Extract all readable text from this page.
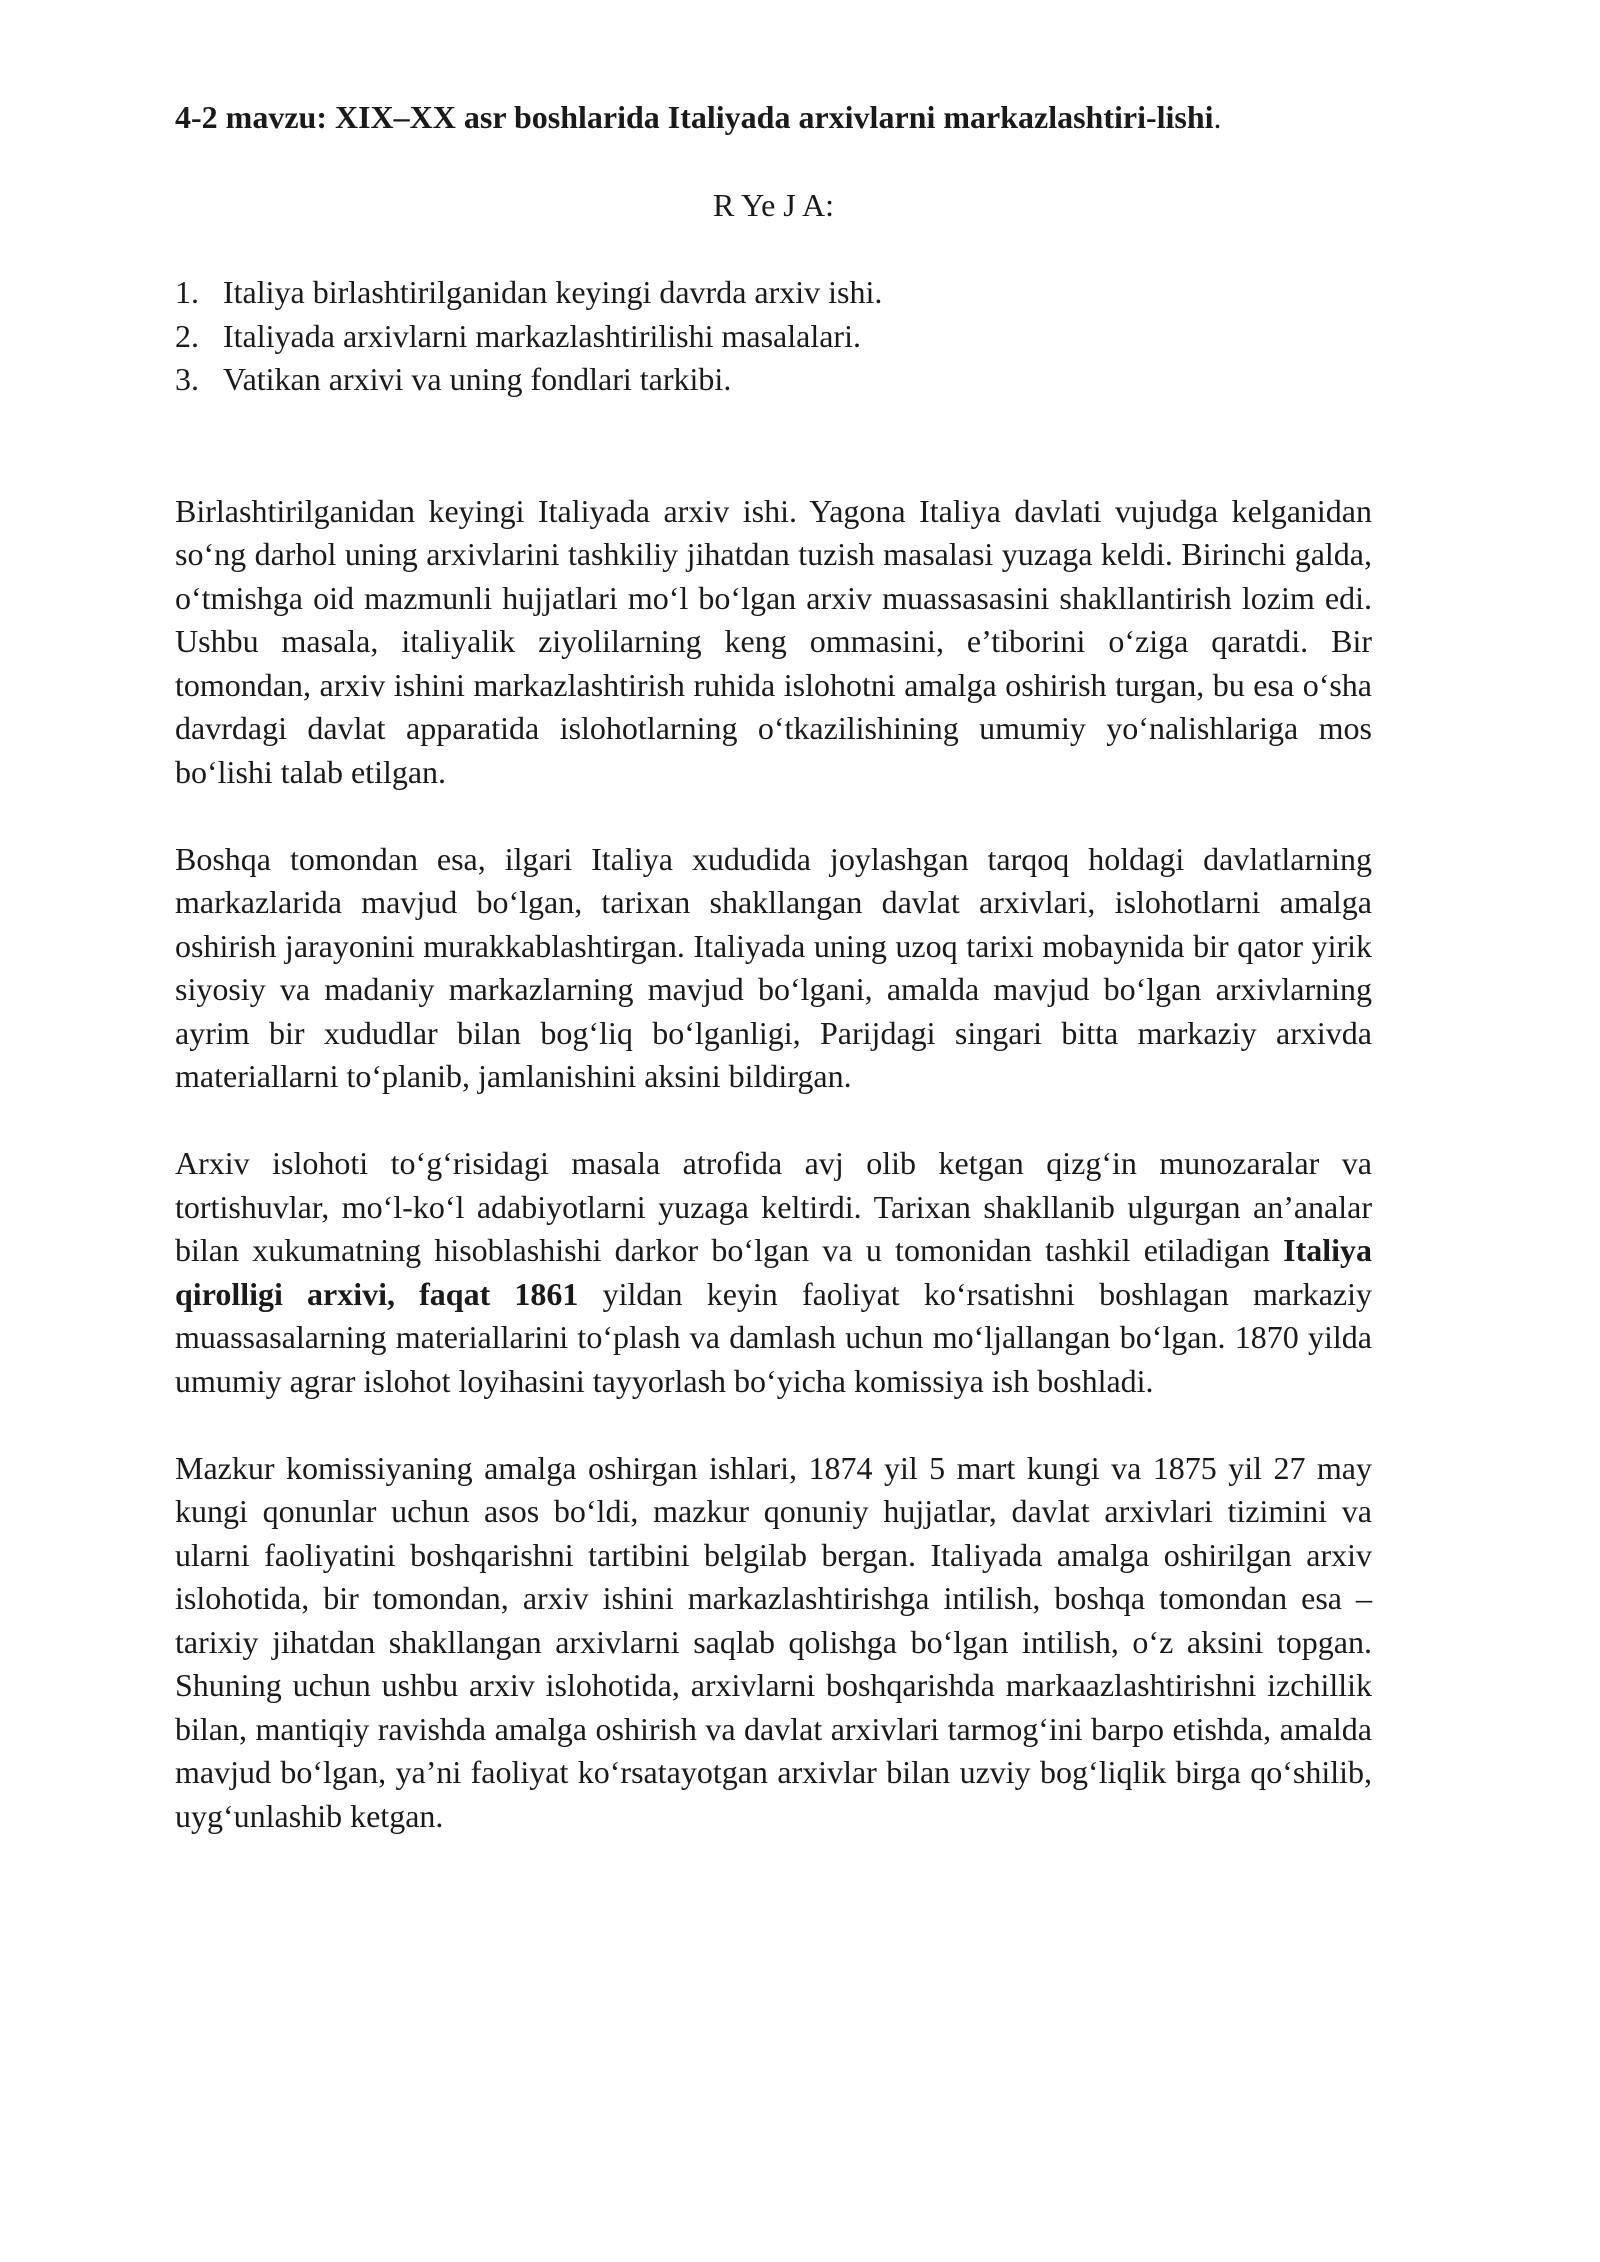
4-2 mavzu: XIX–XX asr boshlarida Italiyada arxivlarni markazlashtiri-lishi.

R Ye J A:
1. Italiya birlashtirilganidan keyingi davrda arxiv ishi.
2. Italiyada arxivlarni markazlashtirilishi masalalari.
3. Vatikan arxivi va uning fondlari tarkibi.

Birlashtirilganidan keyingi Italiyada arxiv ishi. Yagona Italiya davlati vujudga kelganidan so‘ng darhol uning arxivlarini tashkiliy jihatdan tuzish masalasi yuzaga keldi. Birinchi galda, o‘tmishga oid mazmunli hujjatlari mo‘l bo‘lgan arxiv muassasasini shakllantirish lozim edi. Ushbu masala, italiyalik ziyolilarning keng ommasini, e’tiborini o‘ziga qaratdi. Bir tomondan, arxiv ishini markazlashtirish ruhida islohotni amalga oshirish turgan, bu esa o‘sha davrdagi davlat apparatida islohotlarning o‘tkazilishining umumiy yo‘nalishlariga mos bo‘lishi talab etilgan.

Boshqa tomondan esa, ilgari Italiya xududida joylashgan tarqoq holdagi davlatlarning markazlarida mavjud bo‘lgan, tarixan shakllangan davlat arxivlari, islohotlarni amalga oshirish jarayonini murakkablashtirgan. Italiyada uning uzoq tarixi mobaynida bir qator yirik siyosiy va madaniy markazlarning mavjud bo‘lgani, amalda mavjud bo‘lgan arxivlarning ayrim bir xududlar bilan bog‘liq bo‘lganligi, Parijdagi singari bitta markaziy arxivda materiallarni to‘planib, jamlanishini aksini bildirgan.

Arxiv islohoti to‘g‘risidagi masala atrofida avj olib ketgan qizg‘in munozaralar va tortishuvlar, mo‘l-ko‘l adabiyotlarni yuzaga keltirdi. Tarixan shakllanib ulgurgan an’analar bilan xukumatning hisoblashishi darkor bo‘lgan va u tomonidan tashkil etiladigan Italiya qirolligi arxivi, faqat 1861 yildan keyin faoliyat ko‘rsatishni boshlagan markaziy muassasalarning materiallarini to‘plash va damlash uchun mo‘ljallangan bo‘lgan. 1870 yilda umumiy agrar islohot loyihasini tayyorlash bo‘yicha komissiya ish boshladi.

Mazkur komissiyaning amalga oshirgan ishlari, 1874 yil 5 mart kungi va 1875 yil 27 may kungi qonunlar uchun asos bo‘ldi, mazkur qonuniy hujjatlar, davlat arxivlari tizimini va ularni faoliyatini boshqarishni tartibini belgilab bergan. Italiyada amalga oshirilgan arxiv islohotida, bir tomondan, arxiv ishini markazlashtirishga intilish, boshqa tomondan esa – tarixiy jihatdan shakllangan arxivlarni saqlab qolishga bo‘lgan intilish, o‘z aksini topgan. Shuning uchun ushbu arxiv islohotida, arxivlarni boshqarishda markaazlashtirishni izchillik bilan, mantiqiy ravishda amalga oshirish va davlat arxivlari tarmog‘ini barpo etishda, amalda mavjud bo‘lgan, ya’ni faoliyat ko‘rsatayotgan arxivlar bilan uzviy bog‘liqlik birga qo‘shilib, uyg‘unlashib ketgan.
